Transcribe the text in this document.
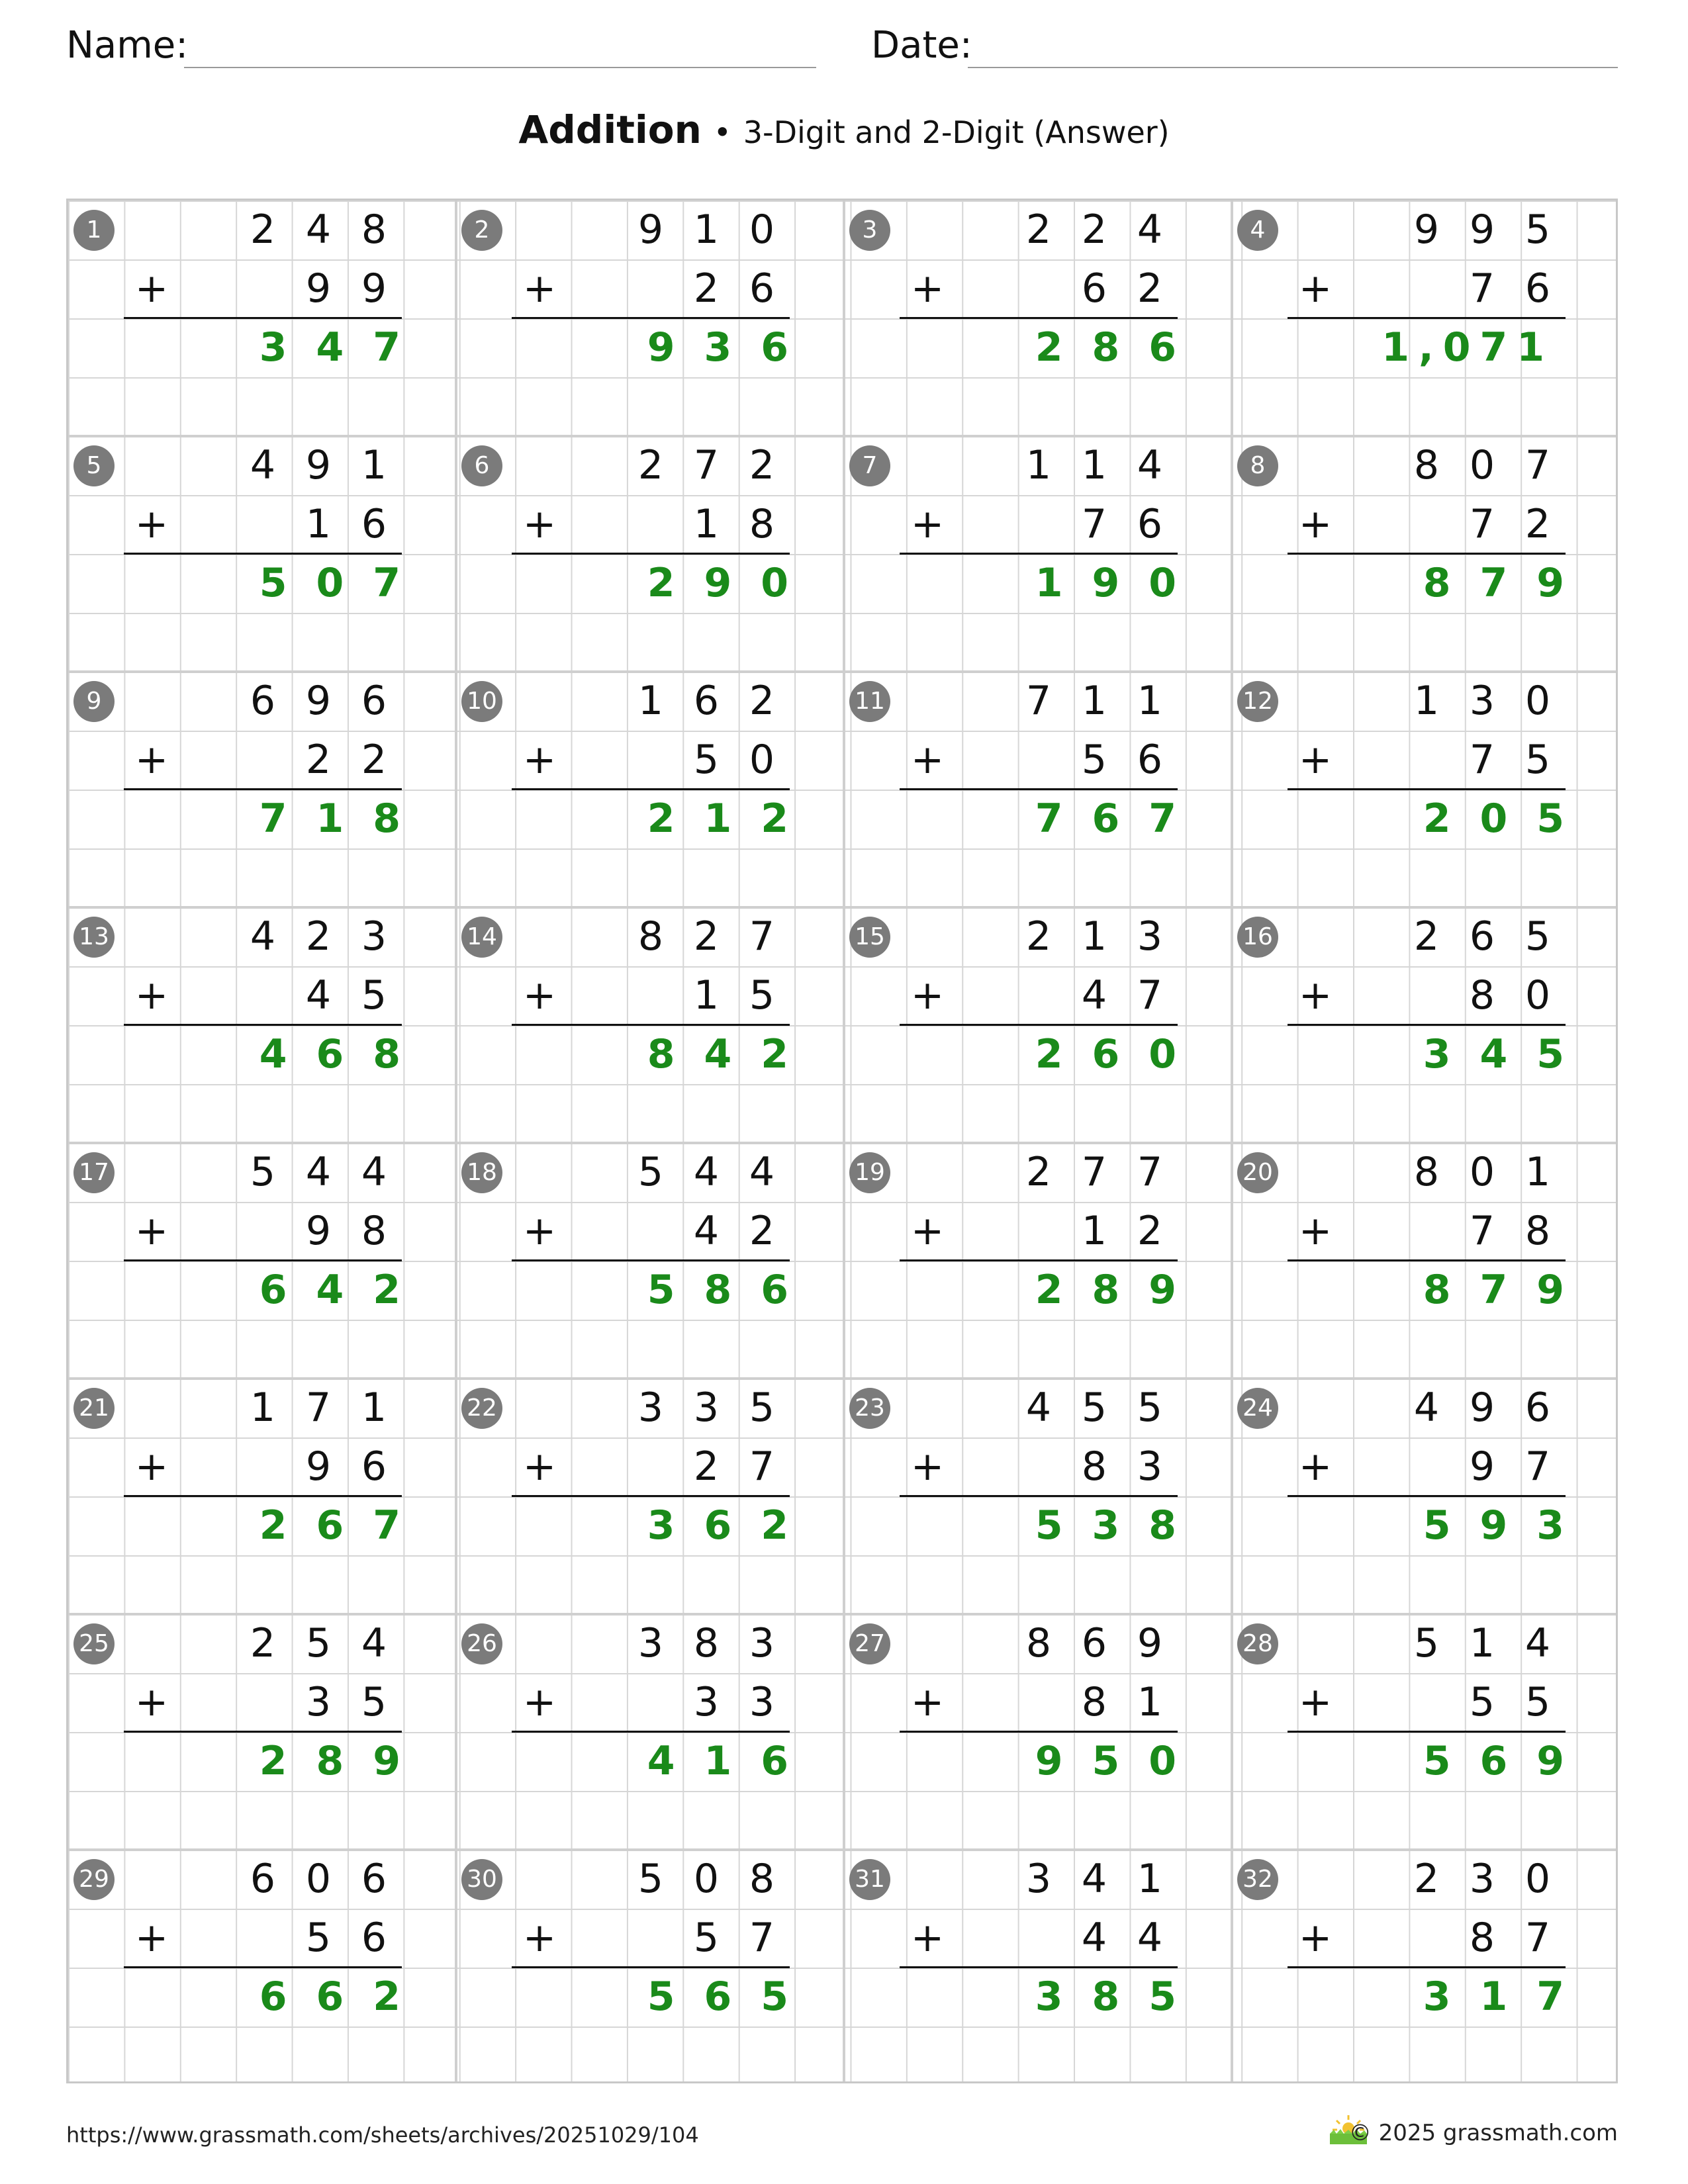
Name:	Date:
Addition • 3-Digit and 2-Digit (Answer)
1	2 4 8
+	9 9
347
2	9 1 0
+	2 6
936
3	2 2 4
+	6 2
286
4	9 9 5
+	7 6
1,071
5	4 9 1
+	1 6
507
6	2 7 2
+	1 8
290
7	1 1 4
+	7 6
190
8	8 0 7
+	7 2
879
9	6 9 6
+	2 2
718
10	1 6 2
+	5 0
212
11	7 1 1
+	5 6
767
12	1 3 0
+	7 5
205
13	4 2 3
+	4 5
468
14	8 2 7
+	1 5
842
15	2 1 3
+	4 7
260
16	2 6 5
+	8 0
345
17	5 4 4
+	9 8
642
18	5 4 4
+	4 2
586
19	2 7 7
+	1 2
289
20	8 0 1
+	7 8
879
21	1 7 1
+	9 6
267
22	3 3 5
+	2 7
362
23	4 5 5
+	8 3
538
24	4 9 6
+	9 7
593
25	2 5 4
+	3 5
289
26	3 8 3
+	3 3
416
27	8 6 9
+	8 1
950
28	5 1 4
+	5 5
569
29	6 0 6
+	5 6
662
30	5 0 8
+	5 7
565
31	3 4 1
+	4 4
385
32	2 3 0
+	8 7
317
https://www.grassmath.com/sheets/archives/20251029/104	© 2025 grassmath.com
